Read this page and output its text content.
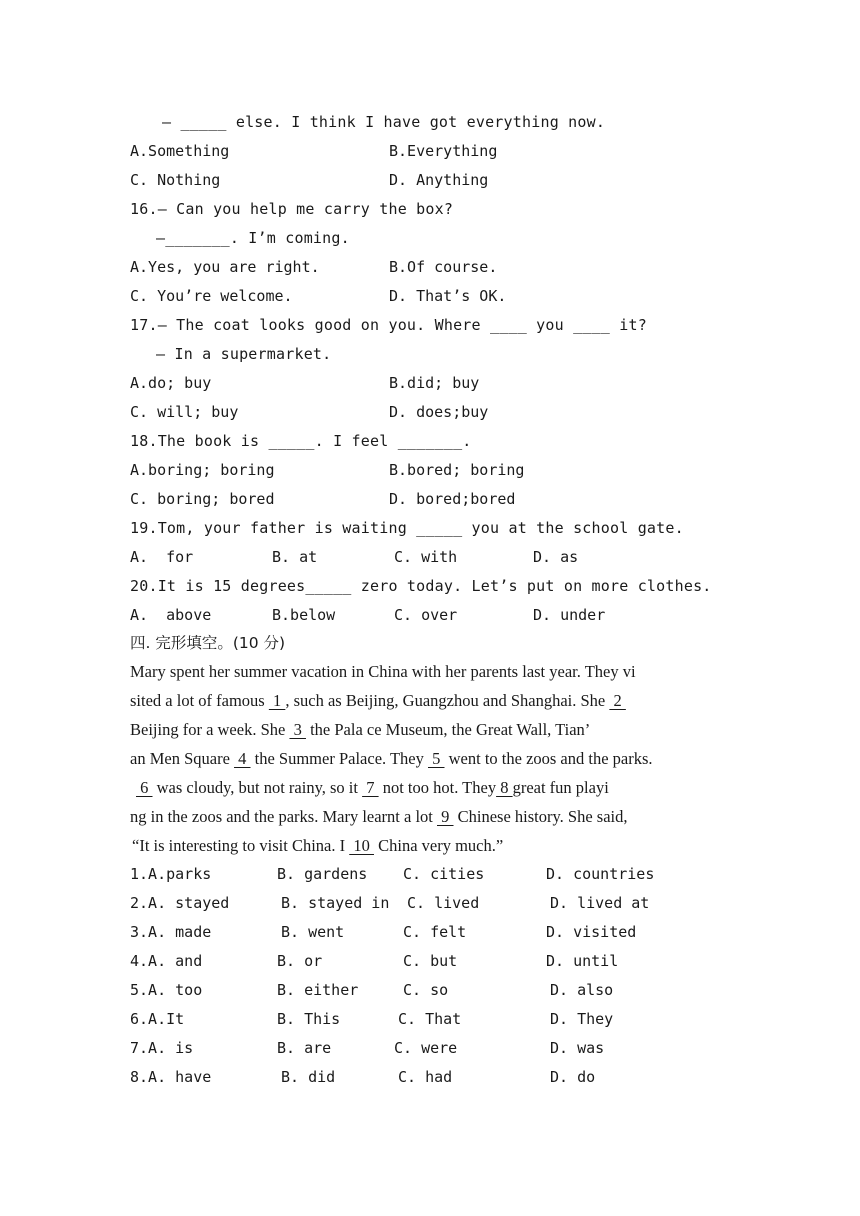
— _____ else. I think I have got everything now.
A.Something	B.Everything
C. Nothing	D. Anything
16.— Can you help me carry the box?
—_______. I’m coming.
A.Yes, you are right.	B.Of course.
C. You’re welcome.	D. That’s OK.
17.— The coat looks good on you. Where ____ you ____ it?
— In a supermarket.
A.do; buy	B.did; buy
C. will; buy	D. does;buy
18.The book is _____. I feel _______.
A.boring; boring	B.bored; boring
C. boring; bored	D. bored;bored
19.Tom, your father is waiting _____ you at the school gate.
A.  for	B. at	C. with	D. as
20.It is 15 degrees_____ zero today. Let’s put on more clothes.
A.  above	B.below	C. over	D. under
四. 完形填空。(10 分)
Mary spent her summer vacation in China with her parents last year. They vi
sited a lot of famous  1 , such as Beijing, Guangzhou and Shanghai. She  2
Beijing for a week. She  3  the Pala ce Museum, the Great Wall, Tian’
an Men Square  4  the Summer Palace. They  5  went to the zoos and the parks.
6  was cloudy, but not rainy, so it  7  not too hot. They 8 great fun playi
ng in the zoos and the parks. Mary learnt a lot  9  Chinese history. She said,
“It is interesting to visit China. I  10  China very much.”
1.A.parks	B. gardens C. cities	D. countries
2.A. stayed	B. stayed in C. lived	D. lived at
3.A. made	B. went	C. felt	D. visited
4.A. and	B. or	C. but	D. until
5.A. too	B. either	C. so	D. also
6.A.It	B. This	C. That	D. They
7.A. is	B. are	C. were	D. was
8.A. have	B. did	C. had	D. do
